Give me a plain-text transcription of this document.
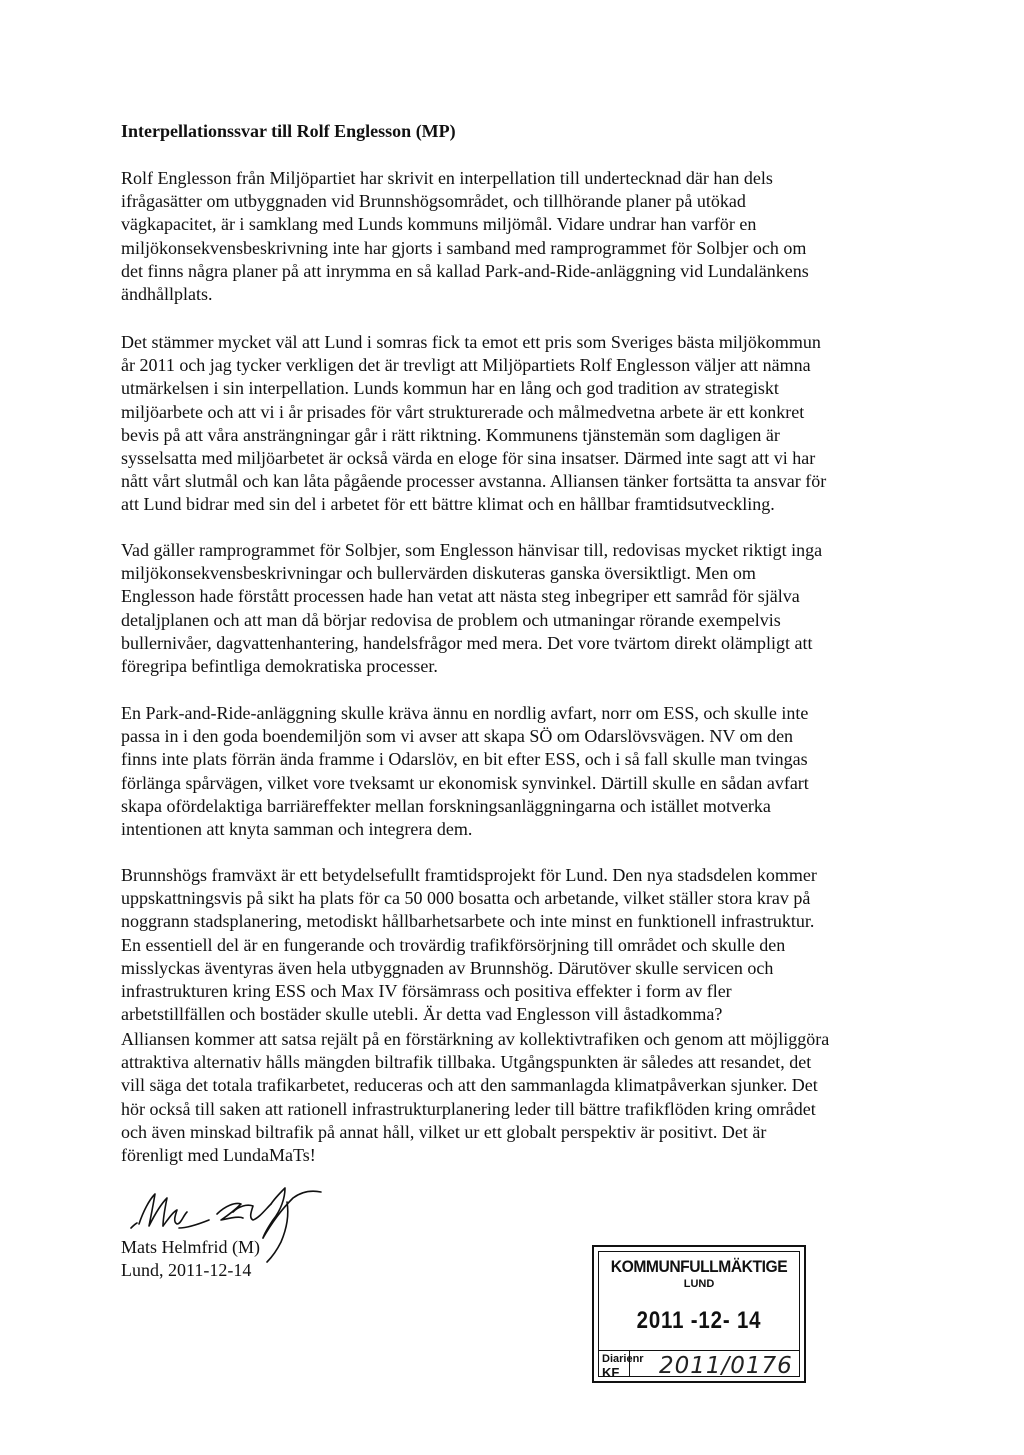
Interpellationssvar till Rolf Englesson (MP)
Rolf Englesson från Miljöpartiet har skrivit en interpellation till undertecknad där han dels
ifrågasätter om utbyggnaden vid Brunnshögsområdet, och tillhörande planer på utökad
vägkapacitet, är i samklang med Lunds kommuns miljömål. Vidare undrar han varför en
miljökonsekvensbeskrivning inte har gjorts i samband med ramprogrammet för Solbjer och om
det finns några planer på att inrymma en så kallad Park-and-Ride-anläggning vid Lundalänkens
ändhållplats.
Det stämmer mycket väl att Lund i somras fick ta emot ett pris som Sveriges bästa miljökommun
år 2011 och jag tycker verkligen det är trevligt att Miljöpartiets Rolf Englesson väljer att nämna
utmärkelsen i sin interpellation. Lunds kommun har en lång och god tradition av strategiskt
miljöarbete och att vi i år prisades för vårt strukturerade och målmedvetna arbete är ett konkret
bevis på att våra ansträngningar går i rätt riktning. Kommunens tjänstemän som dagligen är
sysselsatta med miljöarbetet är också värda en eloge för sina insatser. Därmed inte sagt att vi har
nått vårt slutmål och kan låta pågående processer avstanna. Alliansen tänker fortsätta ta ansvar för
att Lund bidrar med sin del i arbetet för ett bättre klimat och en hållbar framtidsutveckling.
Vad gäller ramprogrammet för Solbjer, som Englesson hänvisar till, redovisas mycket riktigt inga
miljökonsekvensbeskrivningar och bullervärden diskuteras ganska översiktligt. Men om
Englesson hade förstått processen hade han vetat att nästa steg inbegriper ett samråd för själva
detaljplanen och att man då börjar redovisa de problem och utmaningar rörande exempelvis
bullernivåer, dagvattenhantering, handelsfrågor med mera. Det vore tvärtom direkt olämpligt att
föregripa befintliga demokratiska processer.
En Park-and-Ride-anläggning skulle kräva ännu en nordlig avfart, norr om ESS, och skulle inte
passa in i den goda boendemiljön som vi avser att skapa SÖ om Odarslövsvägen. NV om den
finns inte plats förrän ända framme i Odarslöv, en bit efter ESS, och i så fall skulle man tvingas
förlänga spårvägen, vilket vore tveksamt ur ekonomisk synvinkel. Därtill skulle en sådan avfart
skapa ofördelaktiga barriäreffekter mellan forskningsanläggningarna och istället motverka
intentionen att knyta samman och integrera dem.
Brunnshögs framväxt är ett betydelsefullt framtidsprojekt för Lund. Den nya stadsdelen kommer
uppskattningsvis på sikt ha plats för ca 50 000 bosatta och arbetande, vilket ställer stora krav på
noggrann stadsplanering, metodiskt hållbarhetsarbete och inte minst en funktionell infrastruktur.
En essentiell del är en fungerande och trovärdig trafikförsörjning till området och skulle den
misslyckas äventyras även hela utbyggnaden av Brunnshög. Därutöver skulle servicen och
infrastrukturen kring ESS och Max IV försämrass och positiva effekter i form av fler
arbetstillfällen och bostäder skulle utebli. Är detta vad Englesson vill åstadkomma?
Alliansen kommer att satsa rejält på en förstärkning av kollektivtrafiken och genom att möjliggöra
attraktiva alternativ hålls mängden biltrafik tillbaka. Utgångspunkten är således att resandet, det
vill säga det totala trafikarbetet, reduceras och att den sammanlagda klimatpåverkan sjunker. Det
hör också till saken att rationell infrastrukturplanering leder till bättre trafikflöden kring området
och även minskad biltrafik på annat håll, vilket ur ett globalt perspektiv är positivt. Det är
förenligt med LundaMaTs!

Mats Helmfrid (M)

Lund, 2011-12-14	KOMMUNFULLMÄKTIGE
LUND
2011 -12- 14
Diarienr
KF 2011/0176
